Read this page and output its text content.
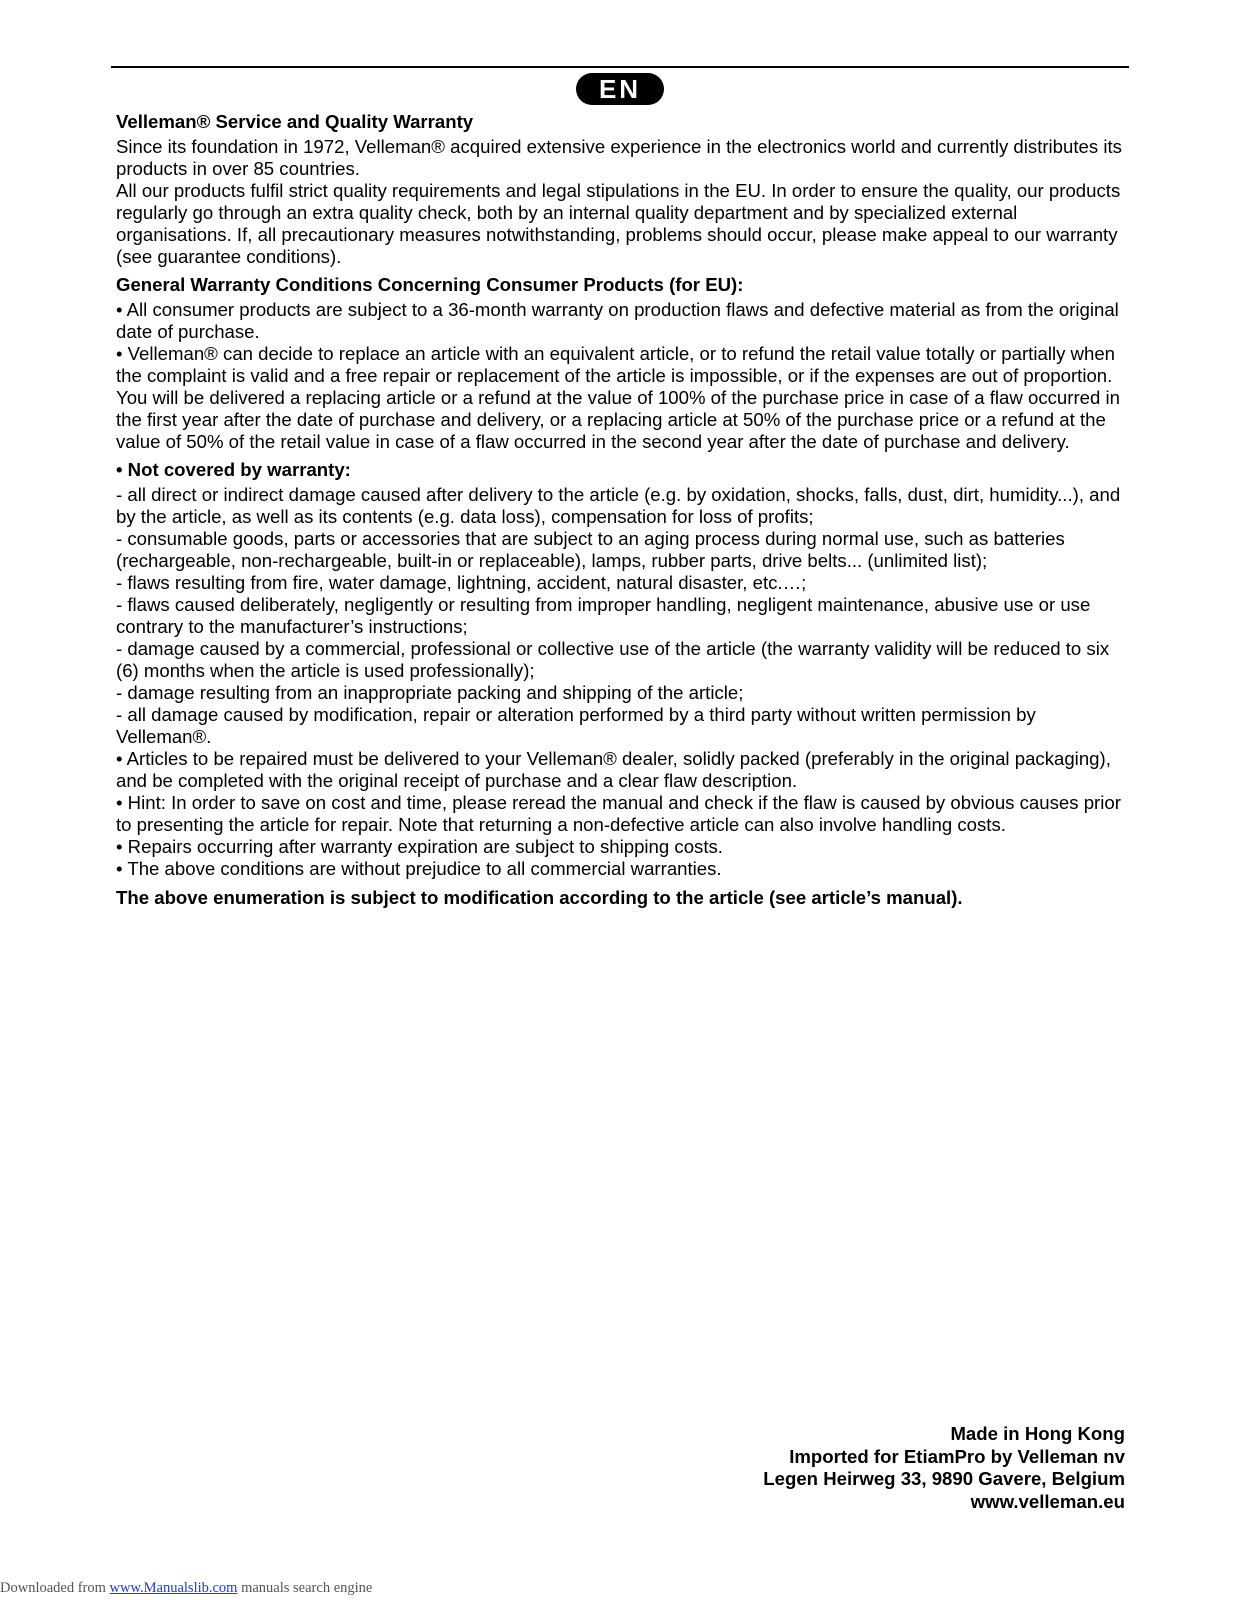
EN

Velleman® Service and Quality Warranty

Since its foundation in 1972, Velleman® acquired extensive experience in the electronics world and currently distributes its products in over 85 countries.

All our products fulfil strict quality requirements and legal stipulations in the EU. In order to ensure the quality, our products regularly go through an extra quality check, both by an internal quality department and by specialized external organisations. If, all precautionary measures notwithstanding, problems should occur, please make appeal to our warranty (see guarantee conditions).

General Warranty Conditions Concerning Consumer Products (for EU):

• All consumer products are subject to a 36-month warranty on production flaws and defective material as from the original date of purchase.

• Velleman® can decide to replace an article with an equivalent article, or to refund the retail value totally or partially when the complaint is valid and a free repair or replacement of the article is impossible, or if the expenses are out of proportion.

You will be delivered a replacing article or a refund at the value of 100% of the purchase price in case of a flaw occurred in the first year after the date of purchase and delivery, or a replacing article at 50% of the purchase price or a refund at the value of 50% of the retail value in case of a flaw occurred in the second year after the date of purchase and delivery.

• Not covered by warranty:

- all direct or indirect damage caused after delivery to the article (e.g. by oxidation, shocks, falls, dust, dirt, humidity...), and by the article, as well as its contents (e.g. data loss), compensation for loss of profits;

- consumable goods, parts or accessories that are subject to an aging process during normal use, such as batteries (rechargeable, non-rechargeable, built-in or replaceable), lamps, rubber parts, drive belts... (unlimited list);

- flaws resulting from fire, water damage, lightning, accident, natural disaster, etc.…;

- flaws caused deliberately, negligently or resulting from improper handling, negligent maintenance, abusive use or use contrary to the manufacturer’s instructions;

- damage caused by a commercial, professional or collective use of the article (the warranty validity will be reduced to six (6) months when the article is used professionally);

- damage resulting from an inappropriate packing and shipping of the article;

- all damage caused by modification, repair or alteration performed by a third party without written permission by Velleman®.

• Articles to be repaired must be delivered to your Velleman® dealer, solidly packed (preferably in the original packaging), and be completed with the original receipt of purchase and a clear flaw description.

• Hint: In order to save on cost and time, please reread the manual and check if the flaw is caused by obvious causes prior to presenting the article for repair. Note that returning a non-defective article can also involve handling costs.

• Repairs occurring after warranty expiration are subject to shipping costs.

• The above conditions are without prejudice to all commercial warranties.

The above enumeration is subject to modification according to the article (see article’s manual).

Made in Hong Kong
Imported for EtiamPro by Velleman nv
Legen Heirweg 33, 9890 Gavere, Belgium
www.velleman.eu
Downloaded from www.Manualslib.com manuals search engine
